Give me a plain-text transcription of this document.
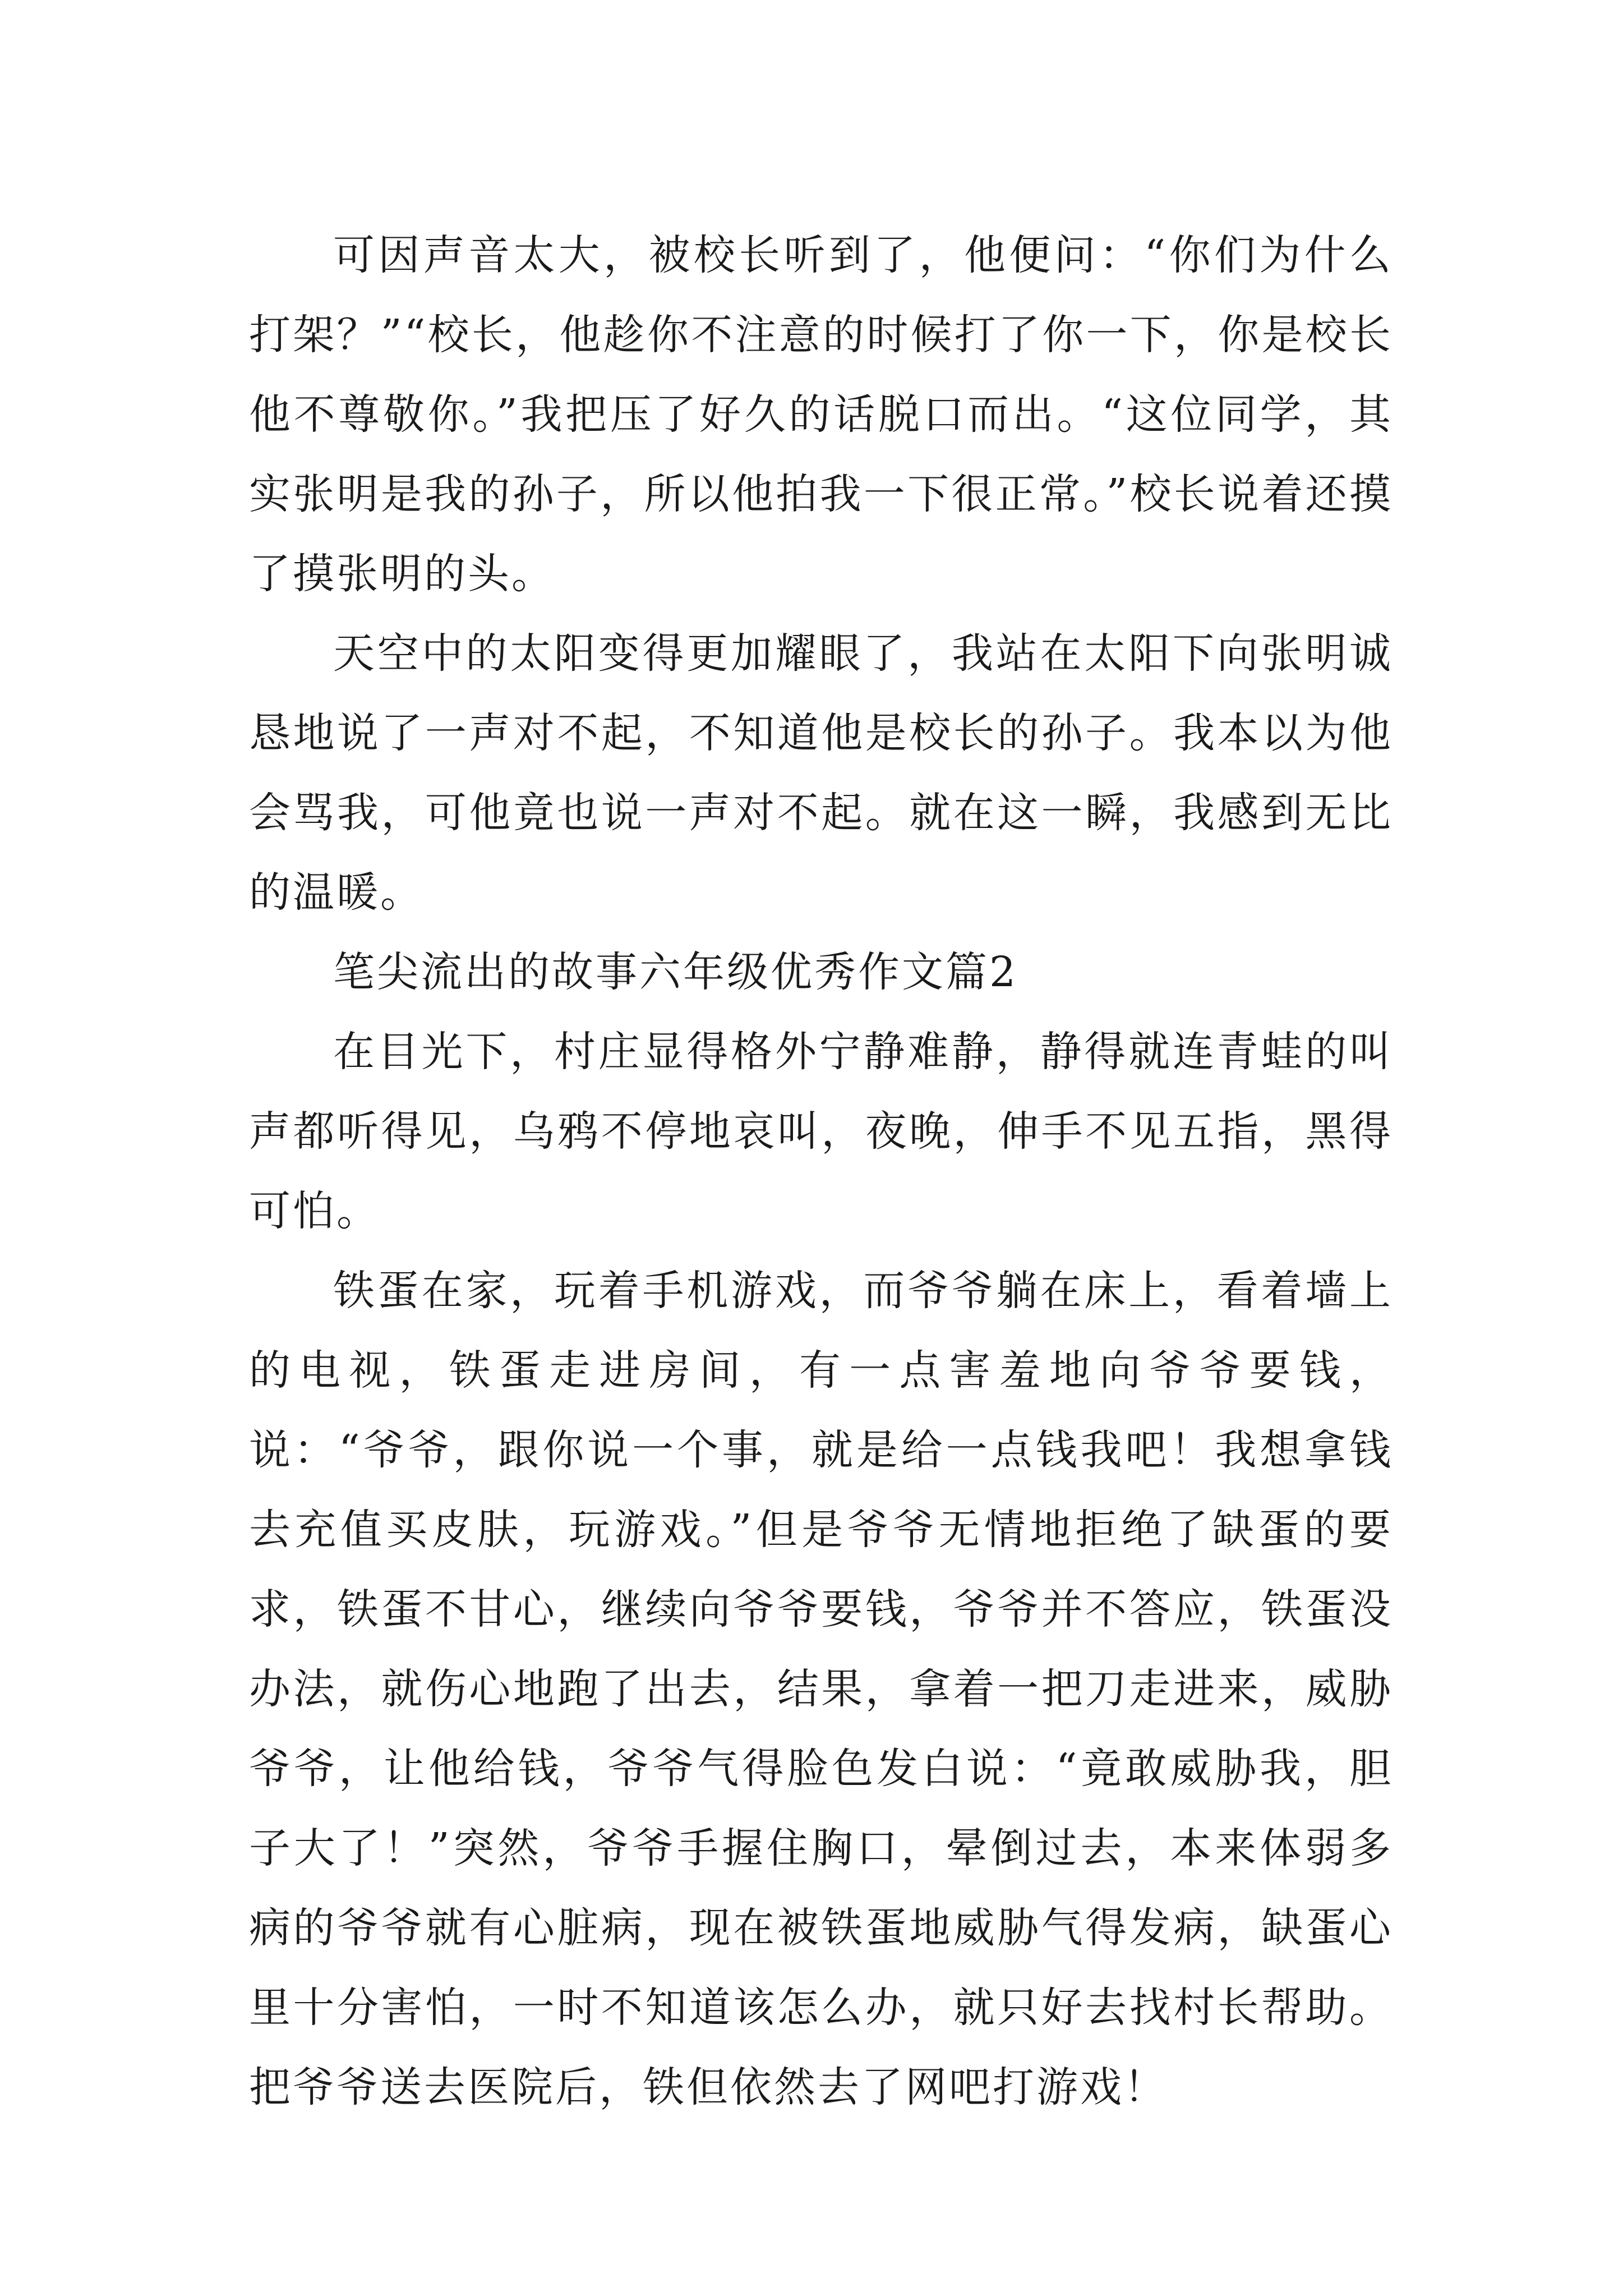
可因声音太大，被校长听到了，他便问：“你们为什么打架？”“校长，他趁你不注意的时候打了你一下，你是校长他不尊敬你。”我把压了好久的话脱口而出。“这位同学，其实张明是我的孙子，所以他拍我一下很正常。”校长说着还摸了摸张明的头。

天空中的太阳变得更加耀眼了，我站在太阳下向张明诚恳地说了一声对不起，不知道他是校长的孙子。我本以为他会骂我，可他竟也说一声对不起。就在这一瞬，我感到无比的温暖。

笔尖流出的故事六年级优秀作文篇2

在目光下，村庄显得格外宁静难静，静得就连青蛙的叫声都听得见，乌鸦不停地哀叫，夜晚，伸手不见五指，黑得可怕。

铁蛋在家，玩着手机游戏，而爷爷躺在床上，看着墙上的电视，铁蛋走进房间，有一点害羞地向爷爷要钱，说：“爷爷，跟你说一个事，就是给一点钱我吧！我想拿钱去充值买皮肤，玩游戏。”但是爷爷无情地拒绝了缺蛋的要求，铁蛋不甘心，继续向爷爷要钱，爷爷并不答应，铁蛋没办法，就伤心地跑了出去，结果，拿着一把刀走进来，威胁爷爷，让他给钱，爷爷气得脸色发白说：“竟敢威胁我，胆子大了！”突然，爷爷手握住胸口，晕倒过去，本来体弱多病的爷爷就有心脏病，现在被铁蛋地威胁气得发病，缺蛋心里十分害怕，一时不知道该怎么办，就只好去找村长帮助。把爷爷送去医院后，铁但依然去了网吧打游戏！
